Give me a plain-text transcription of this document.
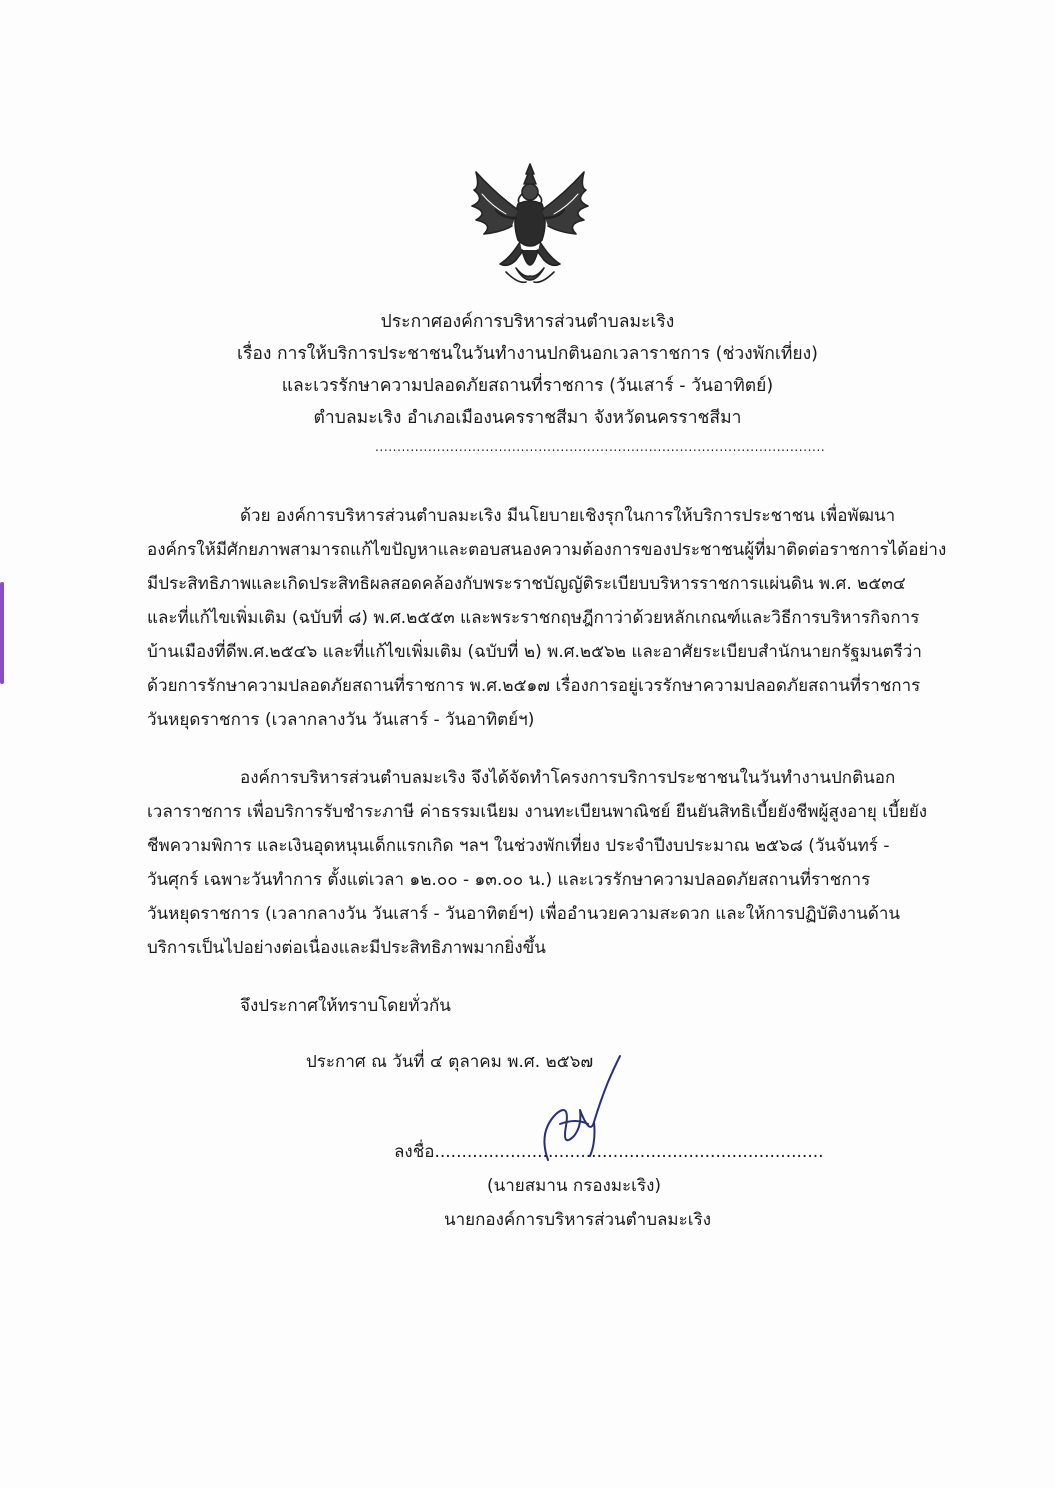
ประกาศองค์การบริหารส่วนตำบลมะเริง
เรื่อง การให้บริการประชาชนในวันทำงานปกตินอกเวลาราชการ (ช่วงพักเที่ยง)
และเวรรักษาความปลอดภัยสถานที่ราชการ (วันเสาร์ - วันอาทิตย์)
ตำบลมะเริง อำเภอเมืองนครราชสีมา จังหวัดนครราชสีมา
......................................................................................................
ด้วย องค์การบริหารส่วนตำบลมะเริง มีนโยบายเชิงรุกในการให้บริการประชาชน เพื่อพัฒนา
องค์กรให้มีศักยภาพสามารถแก้ไขปัญหาและตอบสนองความต้องการของประชาชนผู้ที่มาติดต่อราชการได้อย่าง
มีประสิทธิภาพและเกิดประสิทธิผลสอดคล้องกับพระราชบัญญัติระเบียบบริหารราชการแผ่นดิน พ.ศ. ๒๕๓๔
และที่แก้ไขเพิ่มเติม (ฉบับที่ ๘) พ.ศ.๒๕๕๓ และพระราชกฤษฎีกาว่าด้วยหลักเกณฑ์และวิธีการบริหารกิจการ
บ้านเมืองที่ดีพ.ศ.๒๕๔๖ และที่แก้ไขเพิ่มเติม (ฉบับที่ ๒) พ.ศ.๒๕๖๒ และอาศัยระเบียบสำนักนายกรัฐมนตรีว่า
ด้วยการรักษาความปลอดภัยสถานที่ราชการ พ.ศ.๒๕๑๗ เรื่องการอยู่เวรรักษาความปลอดภัยสถานที่ราชการ
วันหยุดราชการ (เวลากลางวัน วันเสาร์ - วันอาทิตย์ฯ)
องค์การบริหารส่วนตำบลมะเริง จึงได้จัดทำโครงการบริการประชาชนในวันทำงานปกตินอก
เวลาราชการ เพื่อบริการรับชำระภาษี ค่าธรรมเนียม งานทะเบียนพาณิชย์ ยืนยันสิทธิเบี้ยยังชีพผู้สูงอายุ เบี้ยยัง
ชีพความพิการ และเงินอุดหนุนเด็กแรกเกิด ฯลฯ ในช่วงพักเที่ยง ประจำปีงบประมาณ ๒๕๖๘ (วันจันทร์ -
วันศุกร์ เฉพาะวันทำการ ตั้งแต่เวลา ๑๒.๐๐ - ๑๓.๐๐ น.) และเวรรักษาความปลอดภัยสถานที่ราชการ
วันหยุดราชการ (เวลากลางวัน วันเสาร์ - วันอาทิตย์ฯ) เพื่ออำนวยความสะดวก และให้การปฏิบัติงานด้าน
บริการเป็นไปอย่างต่อเนื่องและมีประสิทธิภาพมากยิ่งขึ้น
จึงประกาศให้ทราบโดยทั่วกัน
ประกาศ ณ วันที่ ๔ ตุลาคม พ.ศ. ๒๕๖๗
ลงชื่อ........................................................................
(นายสมาน กรองมะเริง)
นายกองค์การบริหารส่วนตำบลมะเริง
